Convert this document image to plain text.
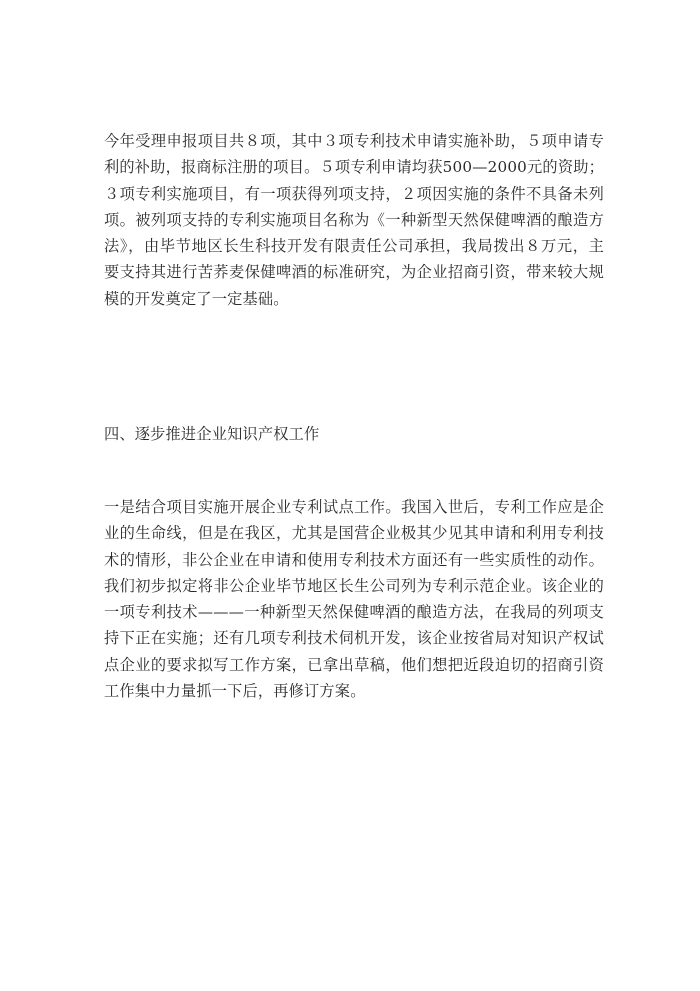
今年受理申报项目共８项，其中３项专利技术申请实施补助，５项申请专利的补助，报商标注册的项目。５项专利申请均获500—2000元的资助；３项专利实施项目，有一项获得列项支持，２项因实施的条件不具备未列项。被列项支持的专利实施项目名称为《一种新型天然保健啤酒的酿造方法》，由毕节地区长生科技开发有限责任公司承担，我局拨出８万元，主要支持其进行苦荞麦保健啤酒的标准研究，为企业招商引资，带来较大规模的开发奠定了一定基础。

四、逐步推进企业知识产权工作

一是结合项目实施开展企业专利试点工作。我国入世后，专利工作应是企业的生命线，但是在我区，尤其是国营企业极其少见其申请和利用专利技术的情形，非公企业在申请和使用专利技术方面还有一些实质性的动作。我们初步拟定将非公企业毕节地区长生公司列为专利示范企业。该企业的一项专利技术———一种新型天然保健啤酒的酿造方法，在我局的列项支持下正在实施；还有几项专利技术伺机开发，该企业按省局对知识产权试点企业的要求拟写工作方案，已拿出草稿，他们想把近段迫切的招商引资工作集中力量抓一下后，再修订方案。
